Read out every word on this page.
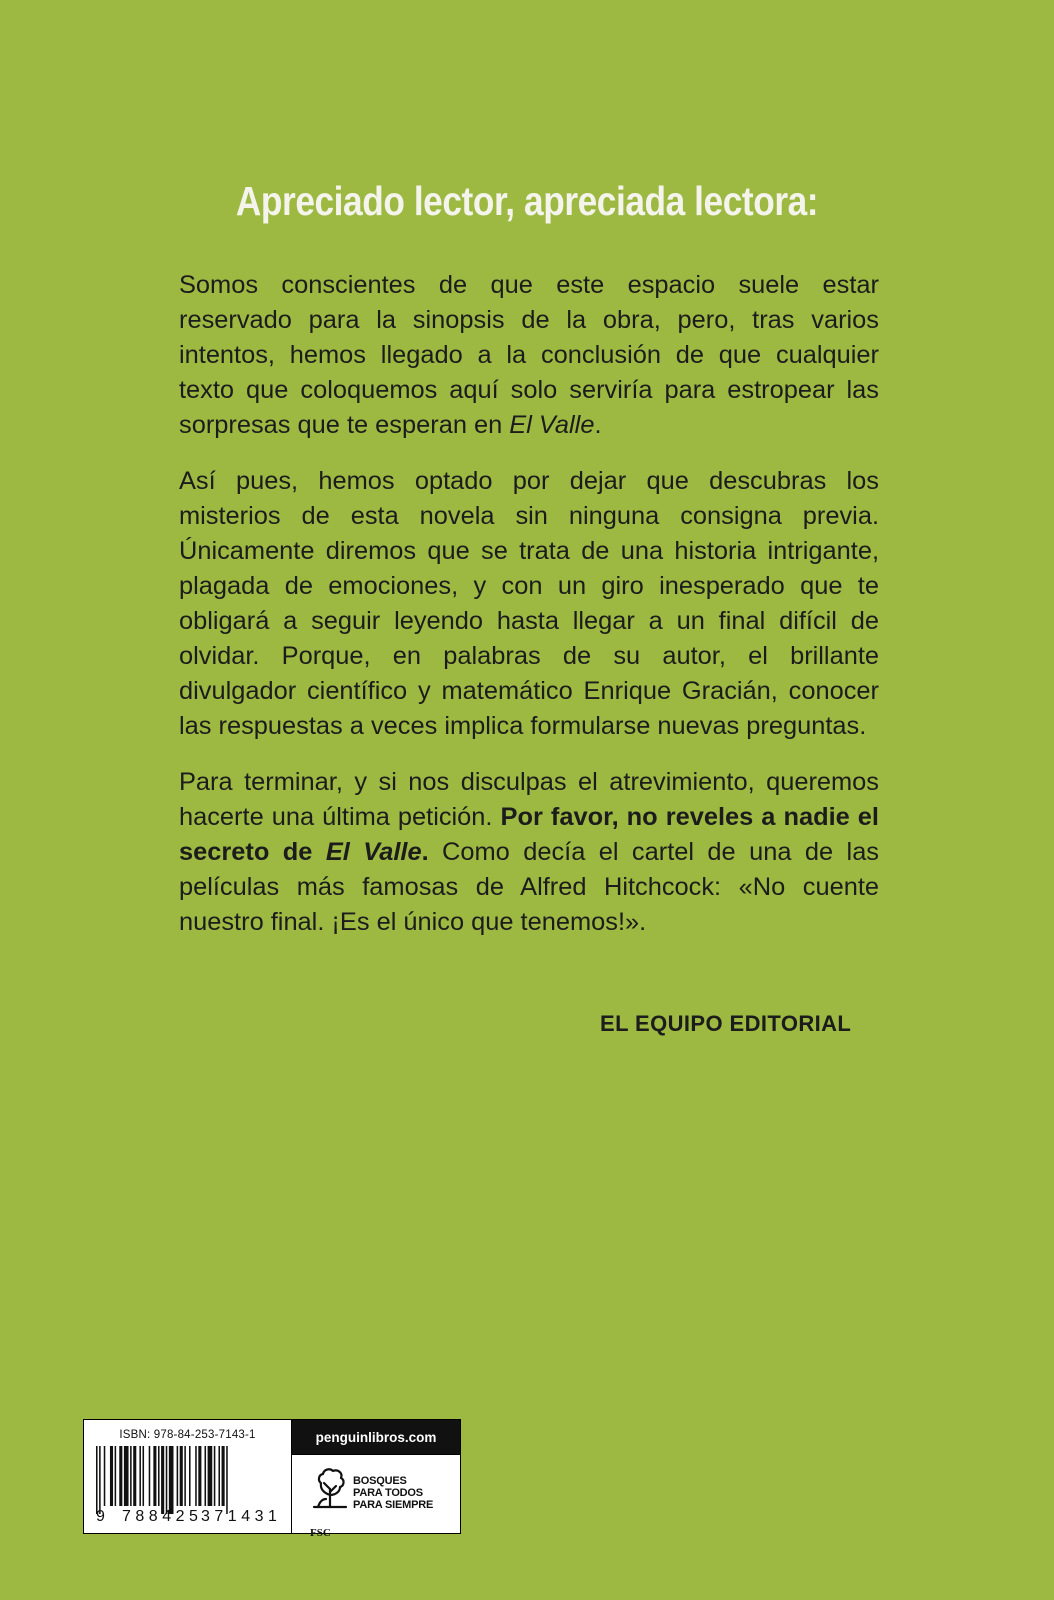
Apreciado lector, apreciada lectora:

Somos conscientes de que este espacio suele estar reservado para la sinopsis de la obra, pero, tras varios intentos, hemos llegado a la conclusión de que cualquier texto que coloquemos aquí solo serviría para estropear las sorpresas que te esperan en El Valle.

Así pues, hemos optado por dejar que descubras los misterios de esta novela sin ninguna consigna previa. Únicamente diremos que se trata de una historia intrigante, plagada de emociones, y con un giro inesperado que te obligará a seguir leyendo hasta llegar a un final difícil de olvidar. Porque, en palabras de su autor, el brillante divulgador científico y matemático Enrique Gracián, conocer las respuestas a veces implica formularse nuevas preguntas.

Para terminar, y si nos disculpas el atrevimiento, queremos hacerte una última petición. Por favor, no reveles a nadie el secreto de El Valle. Como decía el cartel de una de las películas más famosas de Alfred Hitchcock: «No cuente nuestro final. ¡Es el único que tenemos!».

EL EQUIPO EDITORIAL
ISBN: 978-84-253-7143-1
9 788425
371431
penguinlibros.com
FSC
BOSQUES
PARA TODOS
PARA SIEMPRE
